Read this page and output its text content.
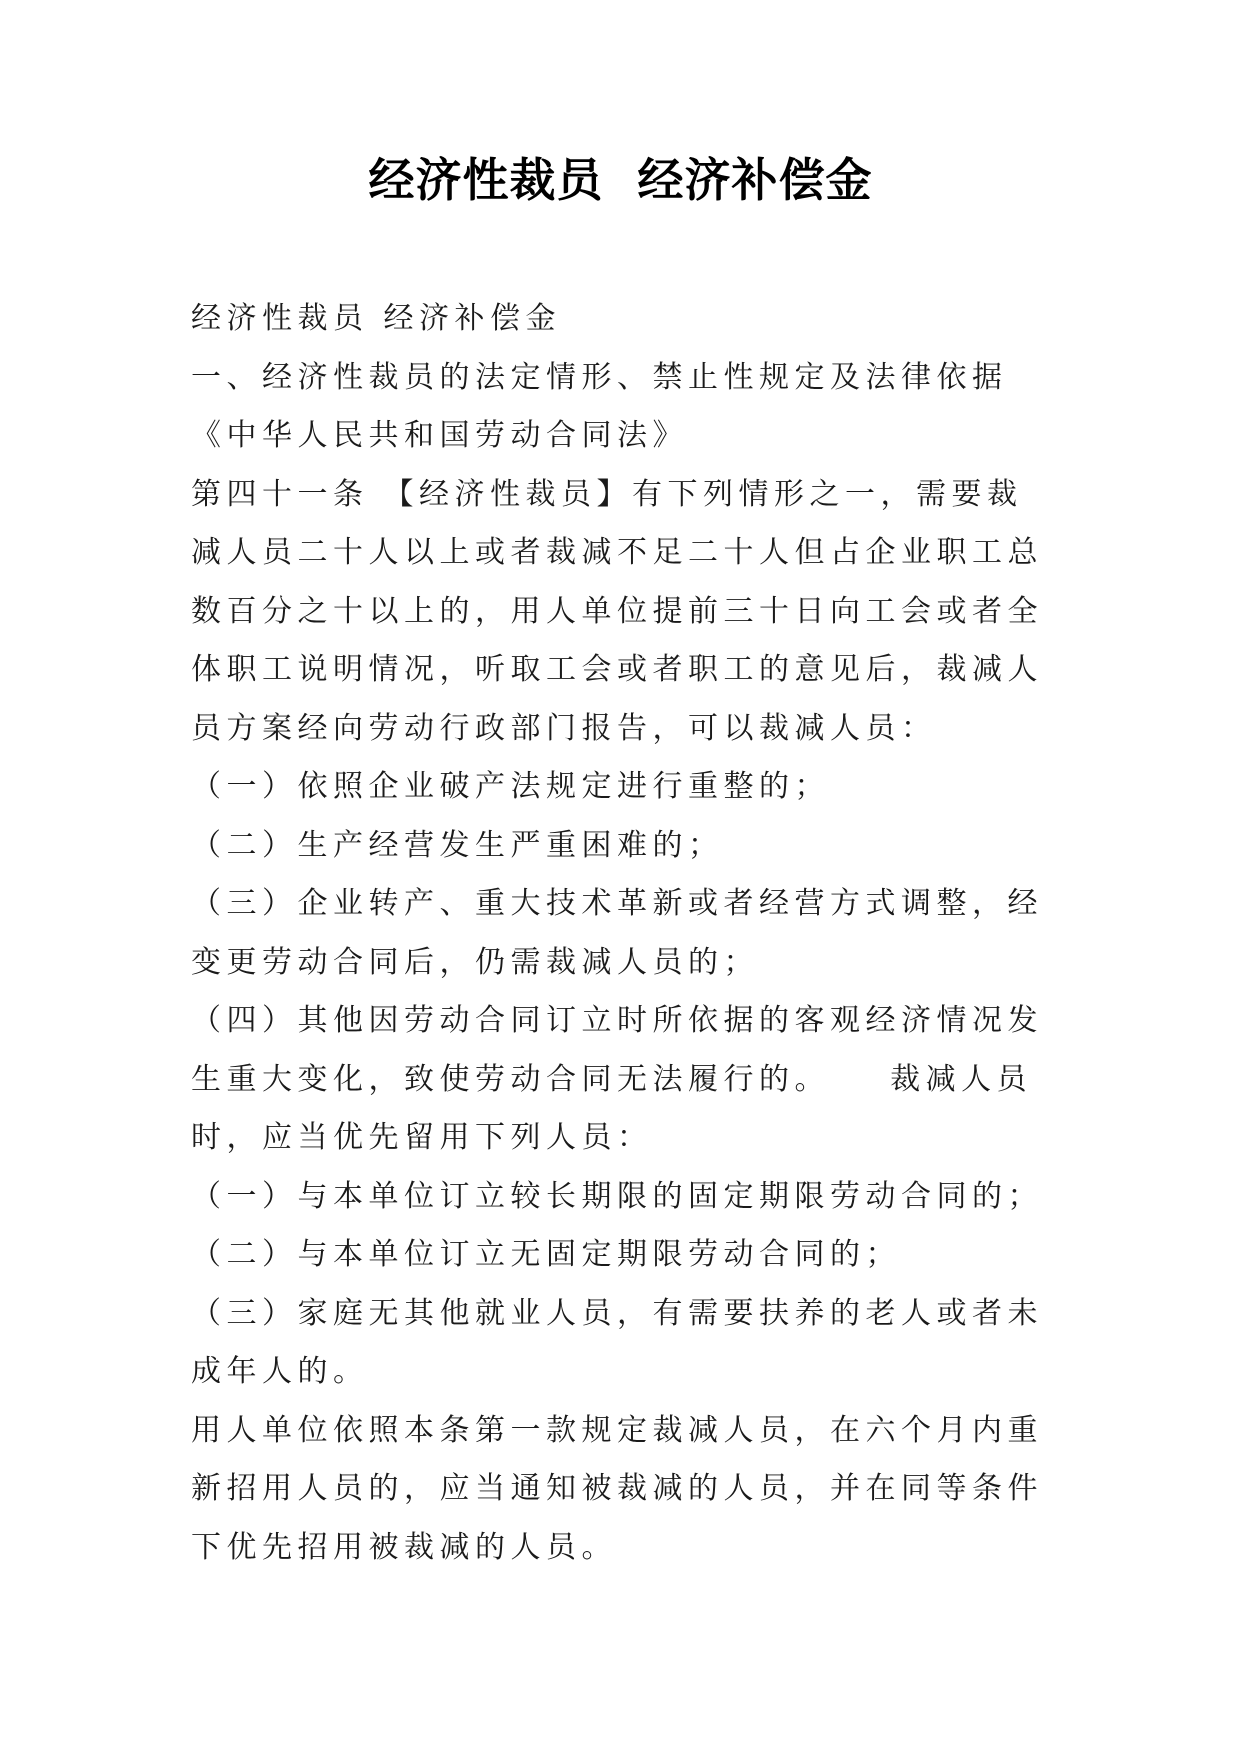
经济性裁员  经济补偿金

经济性裁员 经济补偿金

一、经济性裁员的法定情形、禁止性规定及法律依据

《中华人民共和国劳动合同法》

第四十一条 【经济性裁员】有下列情形之一，需要裁减人员二十人以上或者裁减不足二十人但占企业职工总数百分之十以上的，用人单位提前三十日向工会或者全体职工说明情况，听取工会或者职工的意见后，裁减人员方案经向劳动行政部门报告，可以裁减人员：

（一）依照企业破产法规定进行重整的；

（二）生产经营发生严重困难的；

（三）企业转产、重大技术革新或者经营方式调整，经变更劳动合同后，仍需裁减人员的；

（四）其他因劳动合同订立时所依据的客观经济情况发生重大变化，致使劳动合同无法履行的。    裁减人员时，应当优先留用下列人员：

（一）与本单位订立较长期限的固定期限劳动合同的；

（二）与本单位订立无固定期限劳动合同的；

（三）家庭无其他就业人员，有需要扶养的老人或者未成年人的。

用人单位依照本条第一款规定裁减人员，在六个月内重新招用人员的，应当通知被裁减的人员，并在同等条件下优先招用被裁减的人员。
